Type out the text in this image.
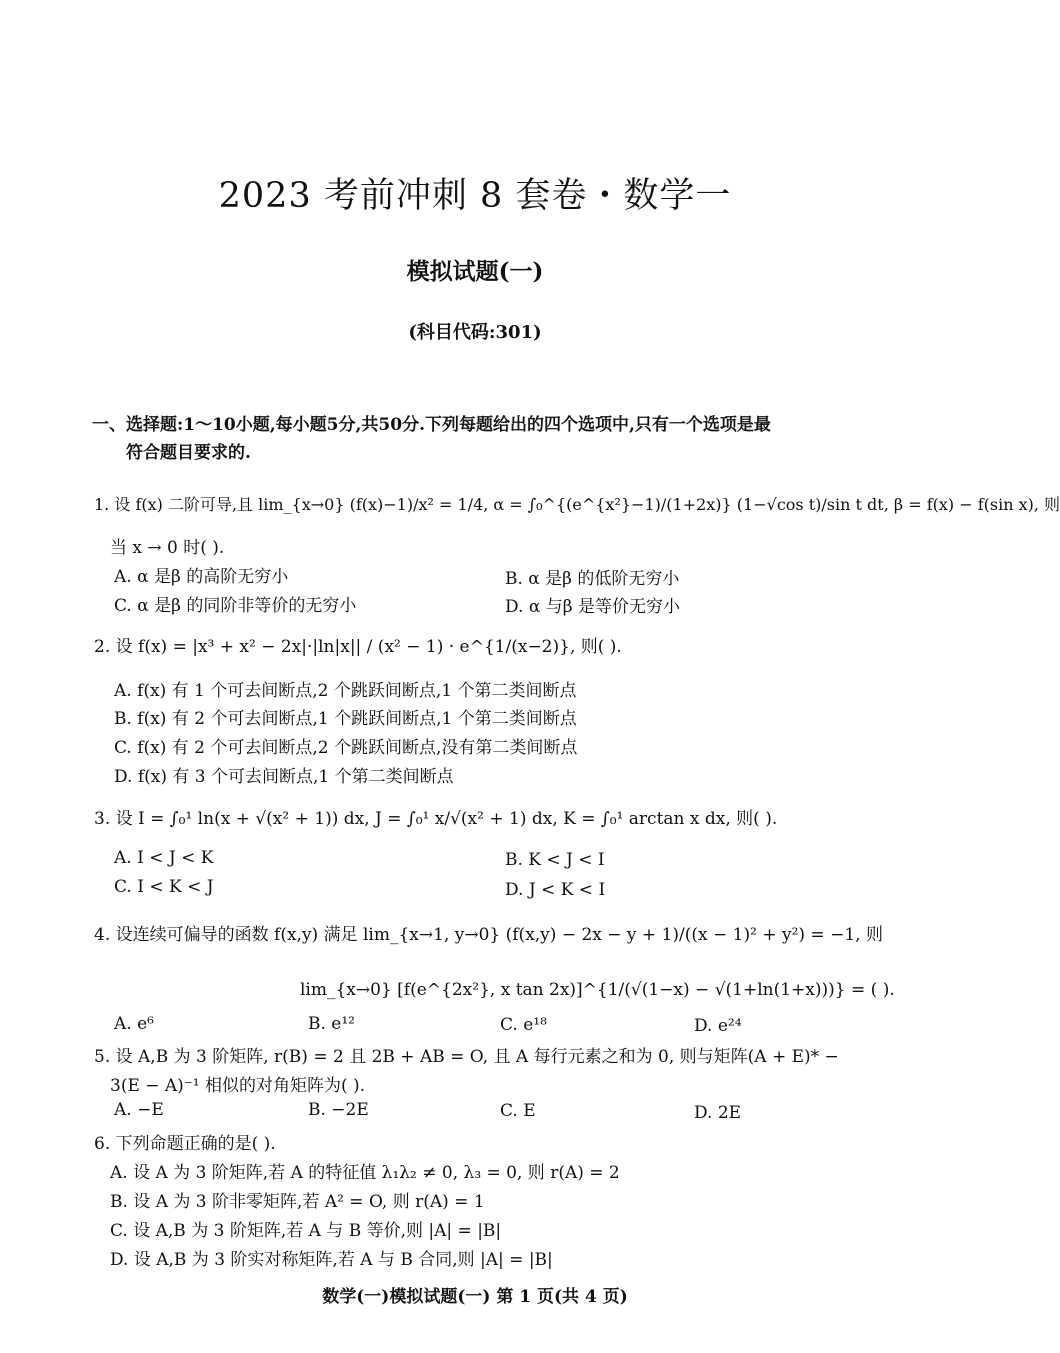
2023 考前冲刺 8 套卷・数学一
模拟试题(一)
(科目代码:301)
一、选择题:1～10小题,每小题5分,共50分.下列每题给出的四个选项中,只有一个选项是最
符合题目要求的.
1. 设 f(x) 二阶可导,且 lim_{x→0} (f(x)−1)/x² = 1/4, α = ∫₀^{(e^{x²}−1)/(1+2x)} (1−√cos t)/sin t dt, β = f(x) − f(sin x), 则
当 x → 0 时( ).
A. α 是β 的高阶无穷小	B. α 是β 的低阶无穷小
C. α 是β 的同阶非等价的无穷小	D. α 与β 是等价无穷小
2. 设 f(x) = |x³ + x² − 2x|·|ln|x|| / (x² − 1) · e^{1/(x−2)}, 则( ).
A. f(x) 有 1 个可去间断点,2 个跳跃间断点,1 个第二类间断点
B. f(x) 有 2 个可去间断点,1 个跳跃间断点,1 个第二类间断点
C. f(x) 有 2 个可去间断点,2 个跳跃间断点,没有第二类间断点
D. f(x) 有 3 个可去间断点,1 个第二类间断点
3. 设 I = ∫₀¹ ln(x + √(x² + 1)) dx, J = ∫₀¹ x/√(x² + 1) dx, K = ∫₀¹ arctan x dx, 则( ).
A. I < J < K	B. K < J < I
C. I < K < J	D. J < K < I
4. 设连续可偏导的函数 f(x,y) 满足 lim_{x→1, y→0} (f(x,y) − 2x − y + 1)/((x − 1)² + y²) = −1, 则
lim_{x→0} [f(e^{2x²}, x tan 2x)]^{1/(√(1−x) − √(1+ln(1+x)))} = ( ).
A. e⁶	B. e¹²	C. e¹⁸	D. e²⁴
5. 设 A,B 为 3 阶矩阵, r(B) = 2 且 2B + AB = O, 且 A 每行元素之和为 0, 则与矩阵(A + E)* −
3(E − A)⁻¹ 相似的对角矩阵为( ).
A. −E	B. −2E	C. E	D. 2E
6. 下列命题正确的是( ).
A. 设 A 为 3 阶矩阵,若 A 的特征值 λ₁λ₂ ≠ 0, λ₃ = 0, 则 r(A) = 2
B. 设 A 为 3 阶非零矩阵,若 A² = O, 则 r(A) = 1
C. 设 A,B 为 3 阶矩阵,若 A 与 B 等价,则 |A| = |B|
D. 设 A,B 为 3 阶实对称矩阵,若 A 与 B 合同,则 |A| = |B|
数学(一)模拟试题(一) 第 1 页(共 4 页)
